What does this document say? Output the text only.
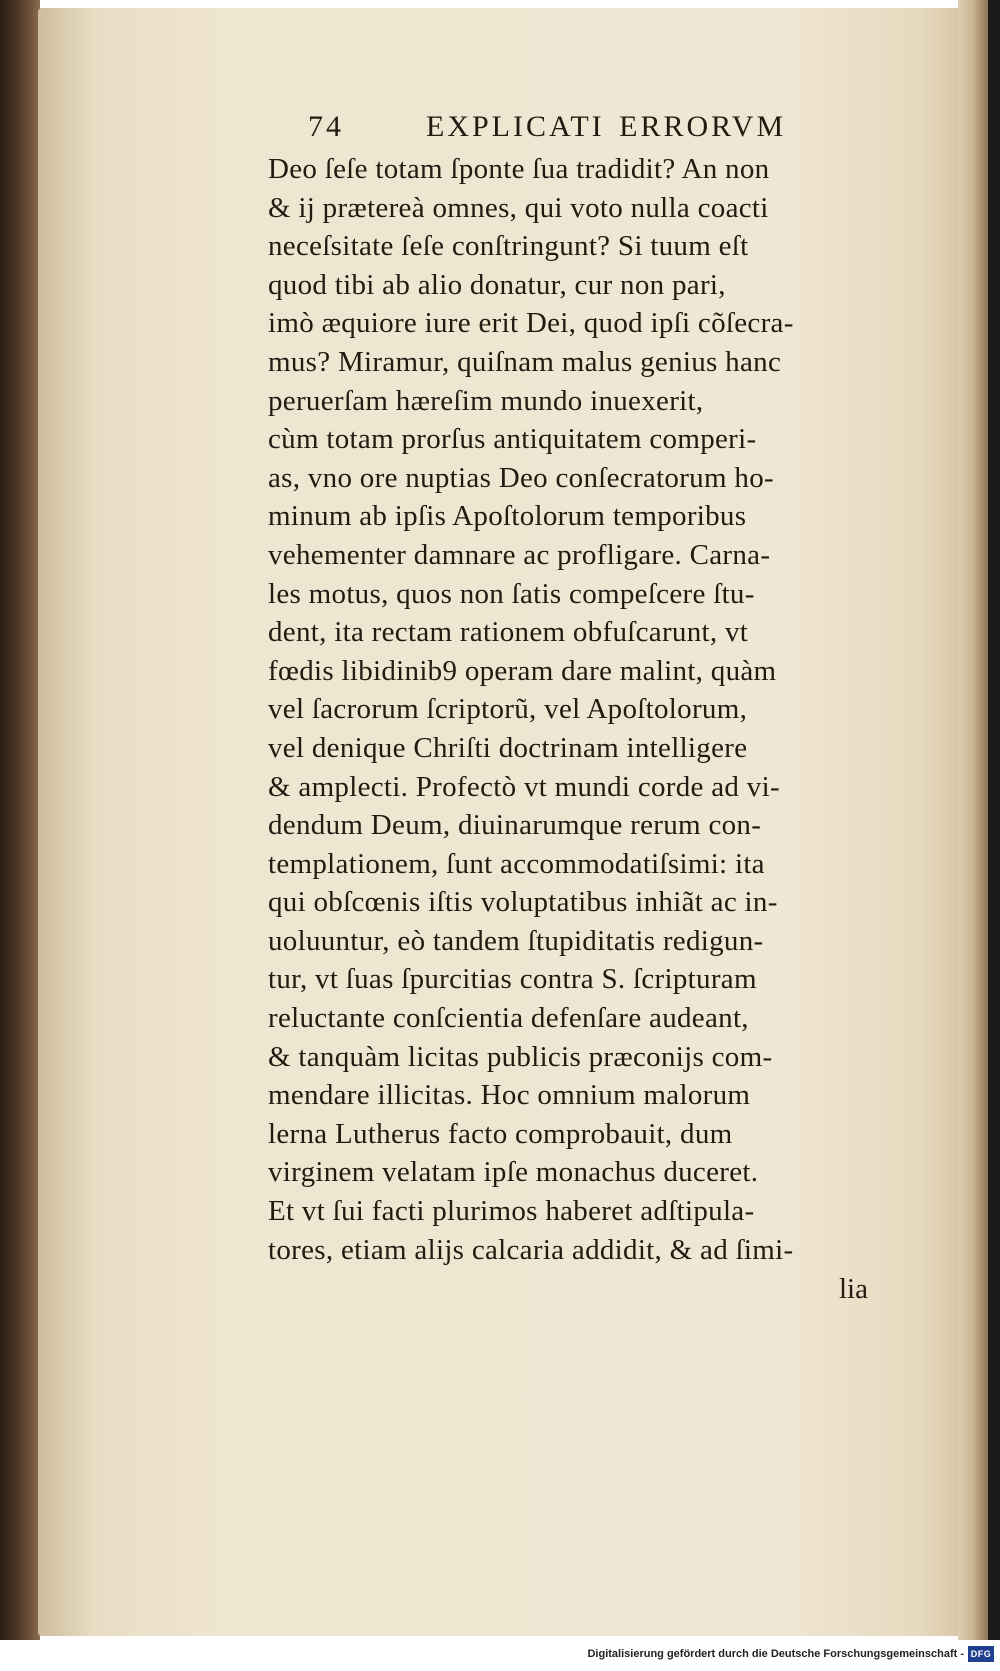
74	EXPLICATI ERRORVM
Deo ſeſe totam ſponte ſua tradidit? An non
& ij prætereà omnes, qui voto nulla coacti
neceſsitate ſeſe conſtringunt? Si tuum eſt
quod tibi ab alio donatur, cur non pari,
imò æquiore iure erit Dei, quod ipſi cõſecra-
mus? Miramur, quiſnam malus genius hanc
peruerſam hæreſim mundo inuexerit,
cùm totam prorſus antiquitatem comperi-
as, vno ore nuptias Deo conſecratorum ho-
minum ab ipſis Apoſtolorum temporibus
vehementer damnare ac profligare. Carna-
les motus, quos non ſatis compeſcere ſtu-
dent, ita rectam rationem obfuſcarunt, vt
fœdis libidinib9 operam dare malint, quàm
vel ſacrorum ſcriptorũ, vel Apoſtolorum,
vel denique Chriſti doctrinam intelligere
& amplecti. Profectò vt mundi corde ad vi-
dendum Deum, diuinarumque rerum con-
templationem, ſunt accommodatiſsimi: ita
qui obſcœnis iſtis voluptatibus inhiãt ac in-
uoluuntur, eò tandem ſtupiditatis redigun-
tur, vt ſuas ſpurcitias contra S. ſcripturam
reluctante conſcientia defenſare audeant,
& tanquàm licitas publicis præconijs com-
mendare illicitas. Hoc omnium malorum
lerna Lutherus facto comprobauit, dum
virginem velatam ipſe monachus duceret.
Et vt ſui facti plurimos haberet adſtipula-
tores, etiam alijs calcaria addidit, & ad ſimi-
lia
Digitalisierung gefördert durch die Deutsche Forschungsgemeinschaft - DFG
